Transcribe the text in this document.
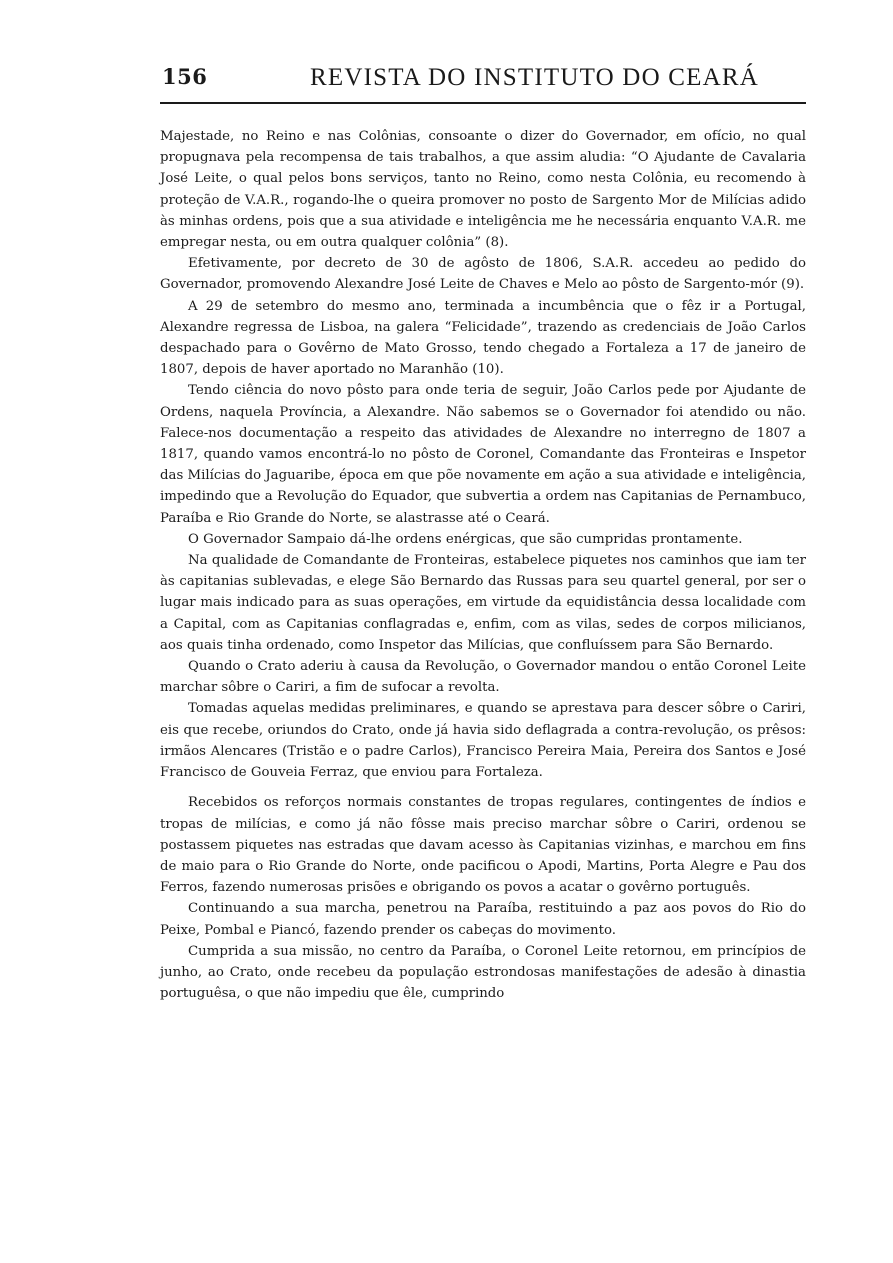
156	REVISTA DO INSTITUTO DO CEARÁ

Majestade, no Reino e nas Colônias, consoante o dizer do Governador, em ofício, no qual propugnava pela recompensa de tais trabalhos, a que assim aludia: “O Ajudante de Cavalaria José Leite, o qual pelos bons serviços, tanto no Reino, como nesta Colônia, eu recomendo à proteção de V.A.R., rogando-lhe o queira promover no posto de Sargento Mor de Milícias adido às minhas ordens, pois que a sua atividade e inteligência me he necessária enquanto V.A.R. me empregar nesta, ou em outra qualquer colônia” (8).

Efetivamente, por decreto de 30 de agôsto de 1806, S.A.R. accedeu ao pedido do Governador, promovendo Alexandre José Leite de Chaves e Melo ao pôsto de Sargento-mór (9).

A 29 de setembro do mesmo ano, terminada a incumbência que o fêz ir a Portugal, Alexandre regressa de Lisboa, na galera “Felicidade”, trazendo as credenciais de João Carlos despachado para o Govêrno de Mato Grosso, tendo chegado a Fortaleza a 17 de janeiro de 1807, depois de haver aportado no Maranhão (10).

Tendo ciência do novo pôsto para onde teria de seguir, João Carlos pede por Ajudante de Ordens, naquela Província, a Alexandre. Não sabemos se o Governador foi atendido ou não. Falece-nos documentação a respeito das atividades de Alexandre no interregno de 1807 a 1817, quando vamos encontrá-lo no pôsto de Coronel, Comandante das Fronteiras e Inspetor das Milícias do Jaguaribe, época em que põe novamente em ação a sua atividade e inteligência, impedindo que a Revolução do Equador, que subvertia a ordem nas Capitanias de Pernambuco, Paraíba e Rio Grande do Norte, se alastrasse até o Ceará.

O Governador Sampaio dá-lhe ordens enérgicas, que são cumpridas prontamente.

Na qualidade de Comandante de Fronteiras, estabelece piquetes nos caminhos que iam ter às capitanias sublevadas, e elege São Bernardo das Russas para seu quartel general, por ser o lugar mais indicado para as suas operações, em virtude da equidistância dessa localidade com a Capital, com as Capitanias conflagradas e, enfim, com as vilas, sedes de corpos milicianos, aos quais tinha ordenado, como Inspetor das Milícias, que confluíssem para São Bernardo.

Quando o Crato aderiu à causa da Revolução, o Governador mandou o então Coronel Leite marchar sôbre o Cariri, a fim de sufocar a revolta.

Tomadas aquelas medidas preliminares, e quando se aprestava para descer sôbre o Cariri, eis que recebe, oriundos do Crato, onde já havia sido deflagrada a contra-revolução, os prêsos: irmãos Alencares (Tristão e o padre Carlos), Francisco Pereira Maia, Pereira dos Santos e José Francisco de Gouveia Ferraz, que enviou para Fortaleza.

Recebidos os reforços normais constantes de tropas regulares, contingentes de índios e tropas de milícias, e como já não fôsse mais preciso marchar sôbre o Cariri, ordenou se postassem piquetes nas estradas que davam acesso às Capitanias vizinhas, e marchou em fins de maio para o Rio Grande do Norte, onde pacificou o Apodi, Martins, Porta Alegre e Pau dos Ferros, fazendo numerosas prisões e obrigando os povos a acatar o govêrno português.

Continuando a sua marcha, penetrou na Paraíba, restituindo a paz aos povos do Rio do Peixe, Pombal e Piancó, fazendo prender os cabeças do movimento.

Cumprida a sua missão, no centro da Paraíba, o Coronel Leite retornou, em princípios de junho, ao Crato, onde recebeu da população estrondosas manifestações de adesão à dinastia portuguêsa, o que não impediu que êle, cumprindo
